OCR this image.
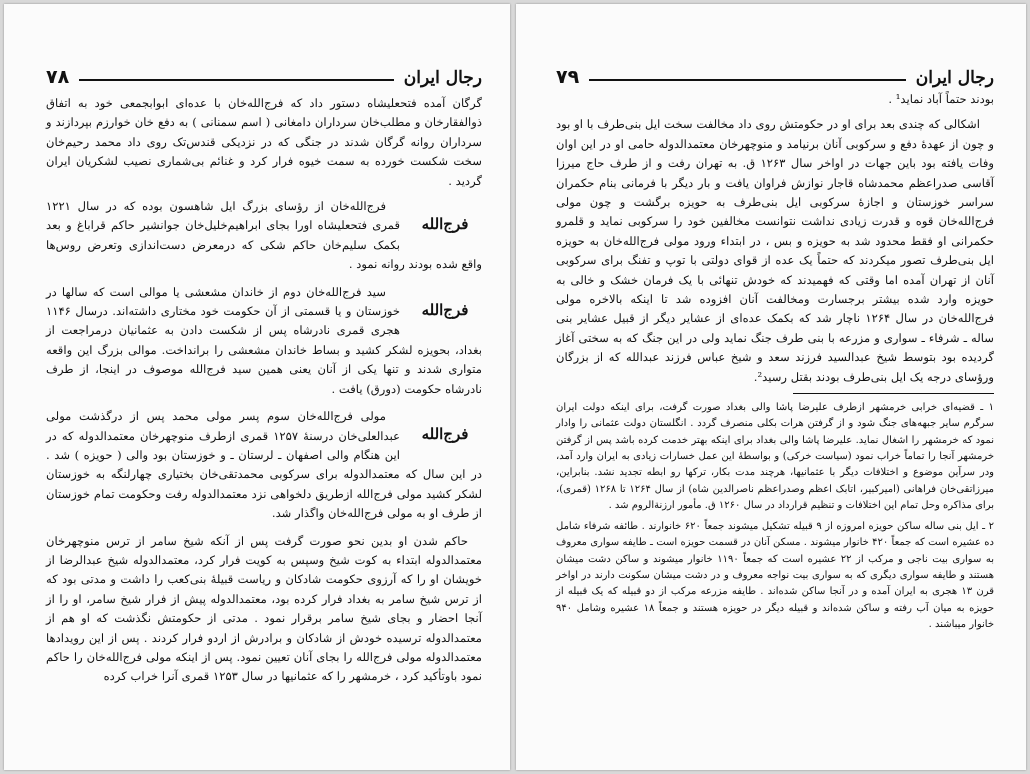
رجال ایران
۷۸

گرگان آمده فتحعلیشاه دستور داد که فرج‌الله‌خان با عده‌ای ابوابجمعی خود به اتفاق ذوالفقارخان و مطلب‌خان سرداران دامغانی ( اسم سمنانی ) به دفع خان خوارزم بپردازند و سرداران روانه گرگان شدند در جنگی که در نزدیکی قندس‌تک روی داد محمد رحیم‌خان سخت شکست خورده به سمت خیوه فرار کرد و غنائم بی‌شماری نصیب لشکریان ایران گردید .

فرج‌الله

فرج‌الله‌خان از رؤسای بزرگ ایل شاهسون بوده که در سال ۱۲۲۱ قمری فتحعلیشاه اورا بجای ابراهیم‌خلیل‌خان جوانشیر حاکم قراباغ و بعد بکمک سلیم‌خان حاکم شکی که درمعرض دست‌اندازی وتعرض روس‌ها واقع شده بودند روانه نمود .

فرج‌الله

سید فرج‌الله‌خان دوم از خاندان مشعشی یا موالی است که سالها در خوزستان و یا قسمتی از آن حکومت خود مختاری داشته‌اند. درسال ۱۱۴۶ هجری قمری نادرشاه پس از شکست دادن به عثمانیان درمراجعت از بغداد، بحویزه لشکر کشید و بساط خاندان مشعشی را برانداخت. موالی بزرگ این واقعه متواری شدند و تنها یکی از آنان یعنی همین سید فرج‌الله موصوف در اینجا، از طرف نادرشاه حکومت (دورق) یافت .

فرج‌الله

مولی فرج‌الله‌خان سوم پسر مولی محمد پس از درگذشت مولی عبدالعلی‌خان درسنهٔ ۱۲۵۷ قمری ازطرف منوچهرخان معتمدالدوله که در این هنگام والی اصفهان ـ لرستان ـ و خوزستان بود والی ( حویزه ) شد . در این سال که معتمدالدوله برای سرکوبی محمدتقی‌خان بختیاری چهارلنگه به خوزستان لشکر کشید مولی فرج‌الله ازطریق دلخواهی نزد معتمدالدوله رفت وحکومت تمام خوزستان از طرف او به مولی فرج‌الله‌خان واگذار شد.

حاکم شدن او بدین نحو صورت گرفت پس از آنکه شیخ سامر از ترس منوچهرخان معتمدالدوله ابتداء به کوت شیخ وسپس به کویت فرار کرد، معتمدالدوله شیخ عبدالرضا از خویشان او را که آرزوی حکومت شادکان و ریاست قبیلهٔ بنی‌کعب را داشت و مدتی بود که از ترس شیخ سامر به بغداد فرار کرده بود، معتمدالدوله پیش از فرار شیخ سامر، او را از آنجا احضار و بجای شیخ سامر برقرار نمود . مدتی از حکومتش نگذشت که او هم از معتمدالدوله ترسیده خودش از شادکان و برادرش از اردو فرار کردند . پس از این رویدادها معتمدالدوله مولی فرج‌الله را بجای آنان تعیین نمود. پس از اینکه مولی فرج‌الله‌خان را حاکم نمود باوتأکید کرد ، خرمشهر را که عثمانیها در سال ۱۲۵۳ قمری آنرا خراب کرده

رجال ایران
۷۹

بودند حتماً آباد نماید¹ .

اشکالی که چندی بعد برای او در حکومتش روی داد مخالفت سخت ایل بنی‌طرف با او بود و چون از عهدهٔ دفع و سرکوبی آنان برنیامد و منوچهرخان معتمدالدوله حامی او در این اوان وفات یافته بود باین جهات در اواخر سال ۱۲۶۳ ق. به تهران رفت و از طرف حاج میرزا آقاسی صدراعظم محمدشاه قاجار نوازش فراوان یافت و بار دیگر با فرمانی بنام حکمران سراسر خوزستان و اجازهٔ سرکوبی ایل بنی‌طرف به حویزه برگشت و چون مولی فرج‌الله‌خان قوه و قدرت زیادی نداشت نتوانست مخالفین خود را سرکوبی نماید و قلمرو حکمرانی او فقط محدود شد به حویزه و بس ، در ابتداء ورود مولی فرج‌الله‌خان به حویزه ایل بنی‌طرف تصور میکردند که حتماً یک عده از قوای دولتی با توپ و تفنگ برای سرکوبی آنان از تهران آمده اما وقتی که فهمیدند که خودش تنهائی با یک فرمان خشک و خالی به حویزه وارد شده بیشتر برجسارت ومخالفت آنان افزوده شد تا اینکه بالاخره مولی فرج‌الله‌خان در سال ۱۲۶۴ ناچار شد که بکمک عده‌ای از عشایر دیگر از قبیل عشایر بنی ساله ـ شرفاء ـ سواری و مزرعه با بنی طرف جنگ نماید ولی در این جنگ که به سختی آغاز گردیده بود بتوسط شیخ عبدالسید فرزند سعد و شیخ عباس فرزند عبدالله که از بزرگان ورؤسای درجه یک ایل بنی‌طرف بودند بقتل رسید².

۱ ـ قضیه‌ای خرابی خرمشهر ازطرف علیرضا پاشا والی بغداد صورت گرفت، برای اینکه دولت ایران سرگرم سایر جبهه‌های جنگ شود و از گرفتن هرات بکلی منصرف گردد . انگلستان دولت عثمانی را وادار نمود که خرمشهر را اشغال نماید. علیرضا پاشا والی بغداد برای اینکه بهتر خدمت کرده باشد پس از گرفتن خرمشهر آنجا را تماماً خراب نمود (سیاست خرکی) و بواسطهٔ این عمل خسارات زیادی به ایران وارد آمد، ودر سرآین موضوع و اختلافات دیگر با عثمانیها، هرچند مدت بکار، ترکها رو ابطه تجدید نشد. بنابراین، میرزاتقی‌خان فراهانی (امیرکبیر، اتابک اعظم وصدراعظم ناصرالدین شاه) از سال ۱۲۶۴ تا ۱۲۶۸ (قمری)، برای مذاکره وحل تمام این اختلافات و تنظیم قرارداد در سال ۱۲۶۰ ق. مأمور ارزنة‌الروم شد .

۲ ـ ایل بنی ساله ساکن حویزه امروزه از ۹ قبیله تشکیل میشوند جمعاً ۶۲۰ خانوارند . طائفه شرفاء شامل ده عشیره است که جمعاً ۴۲۰ خانوار میشوند . مسکن آنان در قسمت حویزه است ـ طایفه سواری معروف به سواری بیت ناجی و مرکب از ۲۲ عشیره است که جمعاً ۱۱۹۰ خانوار میشوند و ساکن دشت میشان هستند و طایفه سواری دیگری که به سواری بیت نواجه معروف و در دشت میشان سکونت دارند در اواخر قرن ۱۳ هجری به ایران آمده و در آنجا ساکن شده‌اند . طایفه مزرعه مرکب از دو قبیله که یک قبیله از حویزه به میان آب رفته و ساکن شده‌اند و قبیله دیگر در حویزه هستند و جمعاً ۱۸ عشیره وشامل ۹۴۰ خانوار میباشند .
